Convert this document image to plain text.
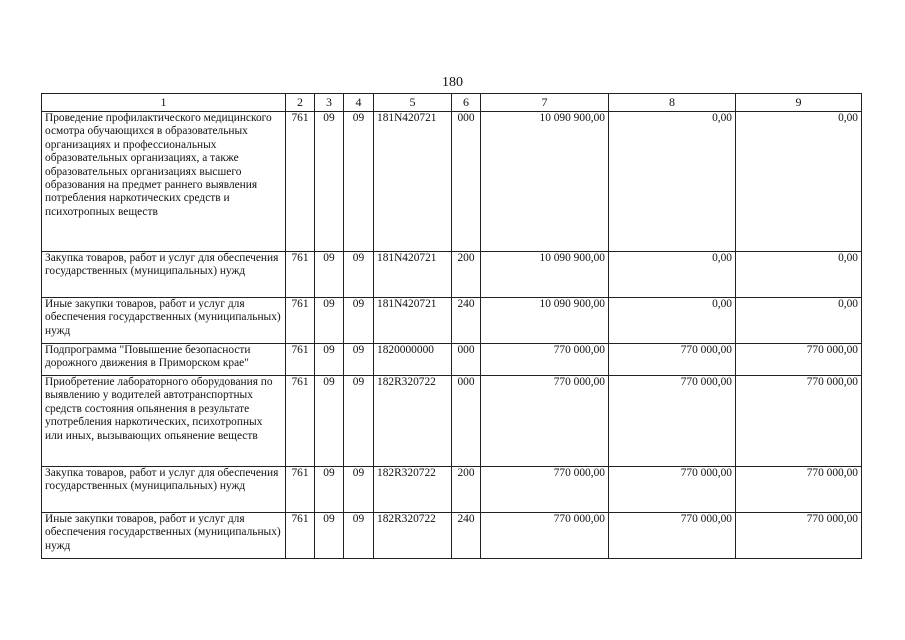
180
1	2	3	4	5	6	7	8	9
Проведение профилактического медицинского осмотра обучающихся в образовательных организациях и профессиональных образовательных организациях, а также образовательных организациях высшего образования на предмет раннего выявления потребления наркотических средств и психотропных веществ	761	09	09	181N420721	000	10 090 900,00	0,00	0,00
Закупка товаров, работ и услуг для обеспечения государственных (муниципальных) нужд	761	09	09	181N420721	200	10 090 900,00	0,00	0,00
Иные закупки товаров, работ и услуг для обеспечения государственных (муниципальных) нужд	761	09	09	181N420721	240	10 090 900,00	0,00	0,00
Подпрограмма "Повышение безопасности дорожного движения в Приморском крае"	761	09	09	1820000000	000	770 000,00	770 000,00	770 000,00
Приобретение лабораторного оборудования по выявлению у водителей автотранспортных средств состояния опьянения в результате употребления наркотических, психотропных или иных, вызывающих опьянение веществ	761	09	09	182R320722	000	770 000,00	770 000,00	770 000,00
Закупка товаров, работ и услуг для обеспечения государственных (муниципальных) нужд	761	09	09	182R320722	200	770 000,00	770 000,00	770 000,00
Иные закупки товаров, работ и услуг для обеспечения государственных (муниципальных) нужд	761	09	09	182R320722	240	770 000,00	770 000,00	770 000,00
